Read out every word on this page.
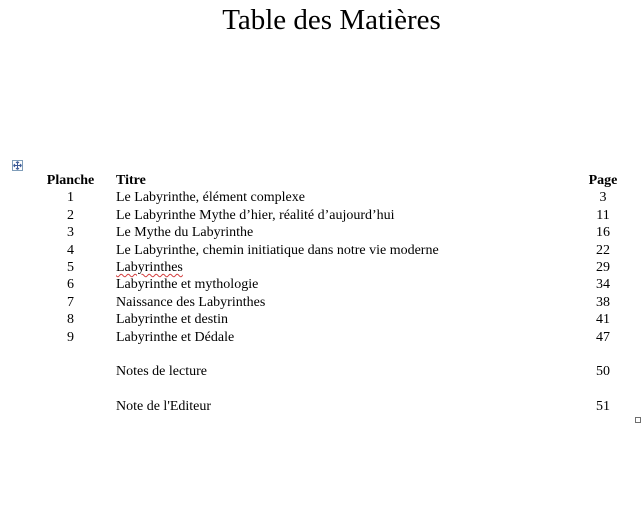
Table des Matières
Planche	Titre	Page
1	Le Labyrinthe, élément complexe	3
2	Le Labyrinthe Mythe d’hier, réalité d’aujourd’hui	11
3	Le Mythe du Labyrinthe	16
4	Le Labyrinthe, chemin initiatique dans notre vie moderne	22
5	Labyrinthes	29
6	Labyrinthe et mythologie	34
7	Naissance des Labyrinthes	38
8	Labyrinthe et destin	41
9	Labyrinthe et Dédale	47

	Notes de lecture	50

	Note de l'Editeur	51
